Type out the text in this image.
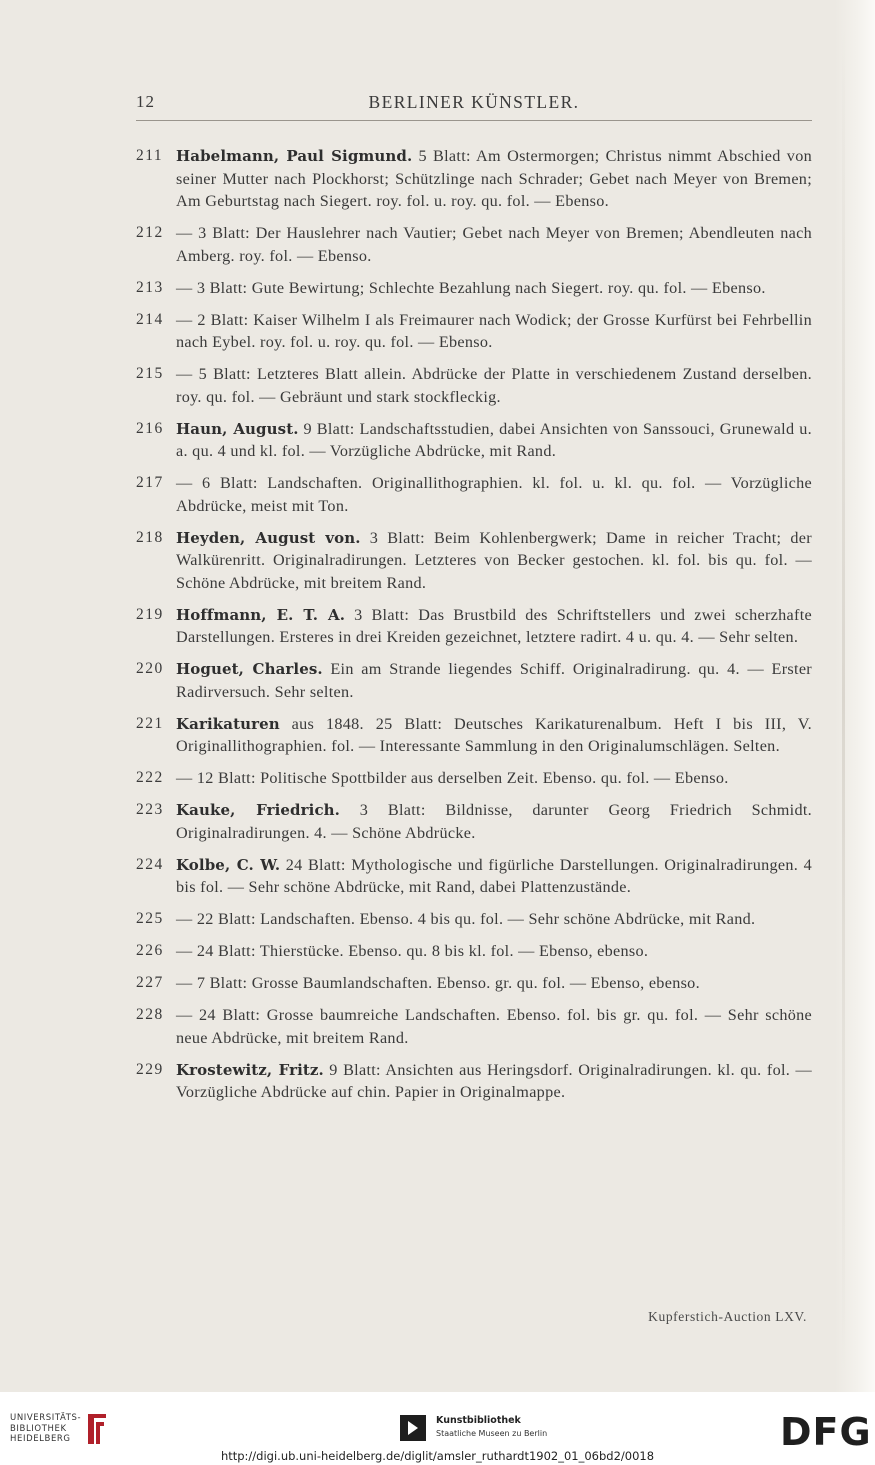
12	BERLINER KÜNSTLER.
211 Habelmann, Paul Sigmund. 5 Blatt: Am Ostermorgen; Christus nimmt Abschied von seiner Mutter nach Plockhorst; Schützlinge nach Schrader; Gebet nach Meyer von Bremen; Am Geburtstag nach Siegert. roy. fol. u. roy. qu. fol. — Ebenso.
212 — 3 Blatt: Der Hauslehrer nach Vautier; Gebet nach Meyer von Bremen; Abendleuten nach Amberg. roy. fol. — Ebenso.
213 — 3 Blatt: Gute Bewirtung; Schlechte Bezahlung nach Siegert. roy. qu. fol. — Ebenso.
214 — 2 Blatt: Kaiser Wilhelm I als Freimaurer nach Wodick; der Grosse Kurfürst bei Fehrbellin nach Eybel. roy. fol. u. roy. qu. fol. — Ebenso.
215 — 5 Blatt: Letzteres Blatt allein. Abdrücke der Platte in verschiedenem Zustand derselben. roy. qu. fol. — Gebräunt und stark stockfleckig.
216 Haun, August. 9 Blatt: Landschaftsstudien, dabei Ansichten von Sanssouci, Grunewald u. a. qu. 4 und kl. fol. — Vorzügliche Abdrücke, mit Rand.
217 — 6 Blatt: Landschaften. Originallithographien. kl. fol. u. kl. qu. fol. — Vorzügliche Abdrücke, meist mit Ton.
218 Heyden, August von. 3 Blatt: Beim Kohlenbergwerk; Dame in reicher Tracht; der Walkürenritt. Originalradirungen. Letzteres von Becker gestochen. kl. fol. bis qu. fol. — Schöne Abdrücke, mit breitem Rand.
219 Hoffmann, E. T. A. 3 Blatt: Das Brustbild des Schriftstellers und zwei scherzhafte Darstellungen. Ersteres in drei Kreiden gezeichnet, letztere radirt. 4 u. qu. 4. — Sehr selten.
220 Hoguet, Charles. Ein am Strande liegendes Schiff. Originalradirung. qu. 4. — Erster Radirversuch. Sehr selten.
221 Karikaturen aus 1848. 25 Blatt: Deutsches Karikaturenalbum. Heft I bis III, V. Originallithographien. fol. — Interessante Sammlung in den Originalumschlägen. Selten.
222 — 12 Blatt: Politische Spottbilder aus derselben Zeit. Ebenso. qu. fol. — Ebenso.
223 Kauke, Friedrich. 3 Blatt: Bildnisse, darunter Georg Friedrich Schmidt. Originalradirungen. 4. — Schöne Abdrücke.
224 Kolbe, C. W. 24 Blatt: Mythologische und figürliche Darstellungen. Originalradirungen. 4 bis fol. — Sehr schöne Abdrücke, mit Rand, dabei Plattenzustände.
225 — 22 Blatt: Landschaften. Ebenso. 4 bis qu. fol. — Sehr schöne Abdrücke, mit Rand.
226 — 24 Blatt: Thierstücke. Ebenso. qu. 8 bis kl. fol. — Ebenso, ebenso.
227 — 7 Blatt: Grosse Baumlandschaften. Ebenso. gr. qu. fol. — Ebenso, ebenso.
228 — 24 Blatt: Grosse baumreiche Landschaften. Ebenso. fol. bis gr. qu. fol. — Sehr schöne neue Abdrücke, mit breitem Rand.
229 Krostewitz, Fritz. 9 Blatt: Ansichten aus Heringsdorf. Originalradirungen. kl. qu. fol. — Vorzügliche Abdrücke auf chin. Papier in Originalmappe.
Kupferstich-Auction LXV.
UNIVERSITÄTS-
BIBLIOTHEK
HEIDELBERG
Kunstbibliothek
Staatliche Museen zu Berlin	DFG
http://digi.ub.uni-heidelberg.de/diglit/amsler_ruthardt1902_01_06bd2/0018
